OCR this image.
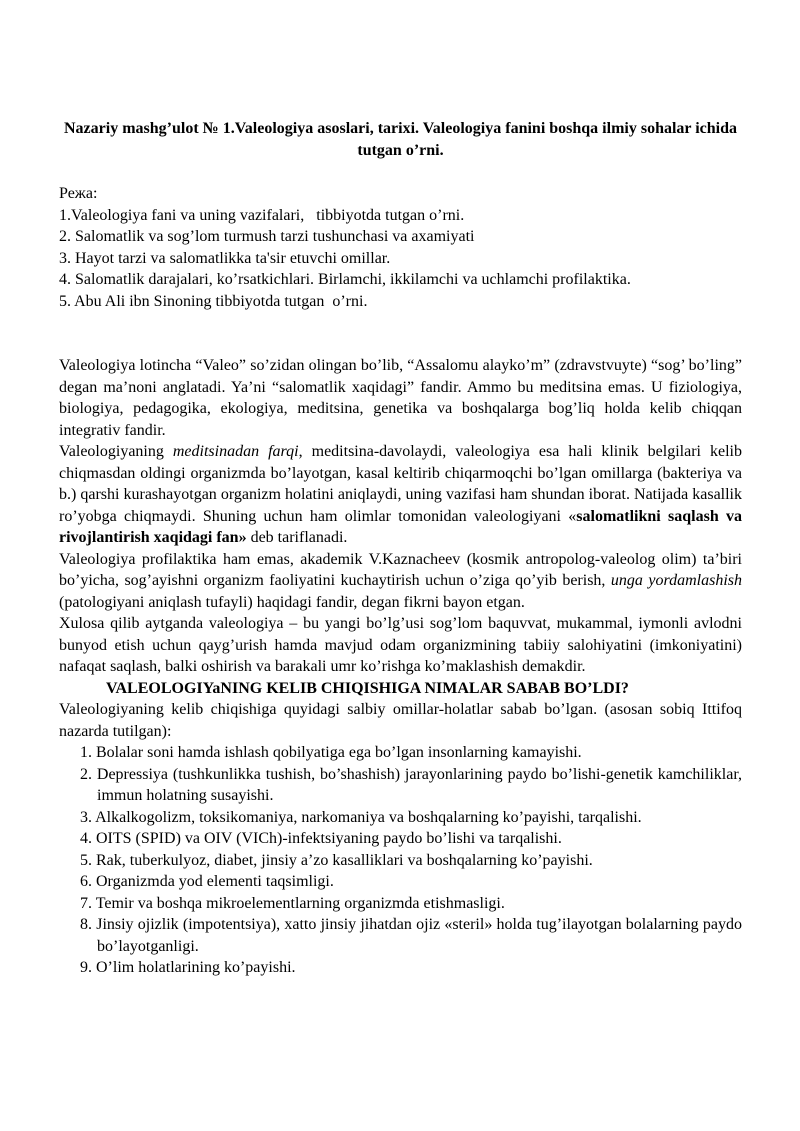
Nazariy mashg’ulot № 1.Valeologiya asoslari, tarixi. Valeologiya fanini boshqa ilmiy sohalar ichida tutgan o’rni.

Режа:
1.Valeologiya fani va uning vazifalari,   tibbiyotda tutgan o’rni.
2. Salomatlik va sog’lom turmush tarzi tushunchasi va axamiyati
3. Hayot tarzi va salomatlikka ta'sir etuvchi omillar.
4. Salomatlik darajalari, ko’rsatkichlari. Birlamchi, ikkilamchi va uchlamchi profilaktika.
5. Abu Ali ibn Sinoning tibbiyotda tutgan  o’rni.

Valeologiya lotincha “Valeo” so’zidan olingan bo’lib, “Assalomu alayko’m” (zdravstvuyte) “sog’ bo’ling” degan ma’noni anglatadi. Ya’ni “salomatlik xaqidagi” fandir. Ammo bu meditsina emas. U fiziologiya, biologiya, pedagogika, ekologiya, meditsina, genetika va boshqalarga bog’liq holda kelib chiqqan integrativ fandir.

Valeologiyaning meditsinadan farqi, meditsina-davolaydi, valeologiya esa hali klinik belgilari kelib chiqmasdan oldingi organizmda bo’layotgan, kasal keltirib chiqarmoqchi bo’lgan omillarga (bakteriya va b.) qarshi kurashayotgan organizm holatini aniqlaydi, uning vazifasi ham shundan iborat. Natijada kasallik ro’yobga chiqmaydi. Shuning uchun ham olimlar tomonidan valeologiyani «salomatlikni saqlash va rivojlantirish xaqidagi fan» deb tariflanadi.

Valeologiya profilaktika ham emas, akademik V.Kaznacheev (kosmik antropolog-valeolog olim) ta’biri bo’yicha, sog’ayishni organizm faoliyatini kuchaytirish uchun o’ziga qo’yib berish, unga yordamlashish (patologiyani aniqlash tufayli) haqidagi fandir, degan fikrni bayon etgan.

Xulosa qilib aytganda valeologiya – bu yangi bo’lg’usi sog’lom baquvvat, mukammal, iymonli avlodni bunyod etish uchun qayg’urish hamda mavjud odam organizmining tabiiy salohiyatini (imkoniyatini) nafaqat saqlash, balki oshirish va barakali umr ko’rishga ko’maklashish demakdir.

VALEOLOGIYaNING KELIB CHIQISHIGA NIMALAR SABAB BO’LDI?

Valeologiyaning kelib chiqishiga quyidagi salbiy omillar-holatlar sabab bo’lgan. (asosan sobiq Ittifoq nazarda tutilgan):

1. Bolalar soni hamda ishlash qobilyatiga ega bo’lgan insonlarning kamayishi.
2. Depressiya (tushkunlikka tushish, bo’shashish) jarayonlarining paydo bo’lishi-genetik kamchiliklar, immun holatning susayishi.
3. Alkalkogolizm, toksikomaniya, narkomaniya va boshqalarning ko’payishi, tarqalishi.
4. OITS (SPID) va OIV (VICh)-infektsiyaning paydo bo’lishi va tarqalishi.
5. Rak, tuberkulyoz, diabet, jinsiy a’zo kasalliklari va boshqalarning ko’payishi.
6. Organizmda yod elementi taqsimligi.
7. Temir va boshqa mikroelementlarning organizmda etishmasligi.
8. Jinsiy ojizlik (impotentsiya), xatto jinsiy jihatdan ojiz «steril» holda tug’ilayotgan bolalarning paydo bo’layotganligi.
9. O’lim holatlarining ko’payishi.
